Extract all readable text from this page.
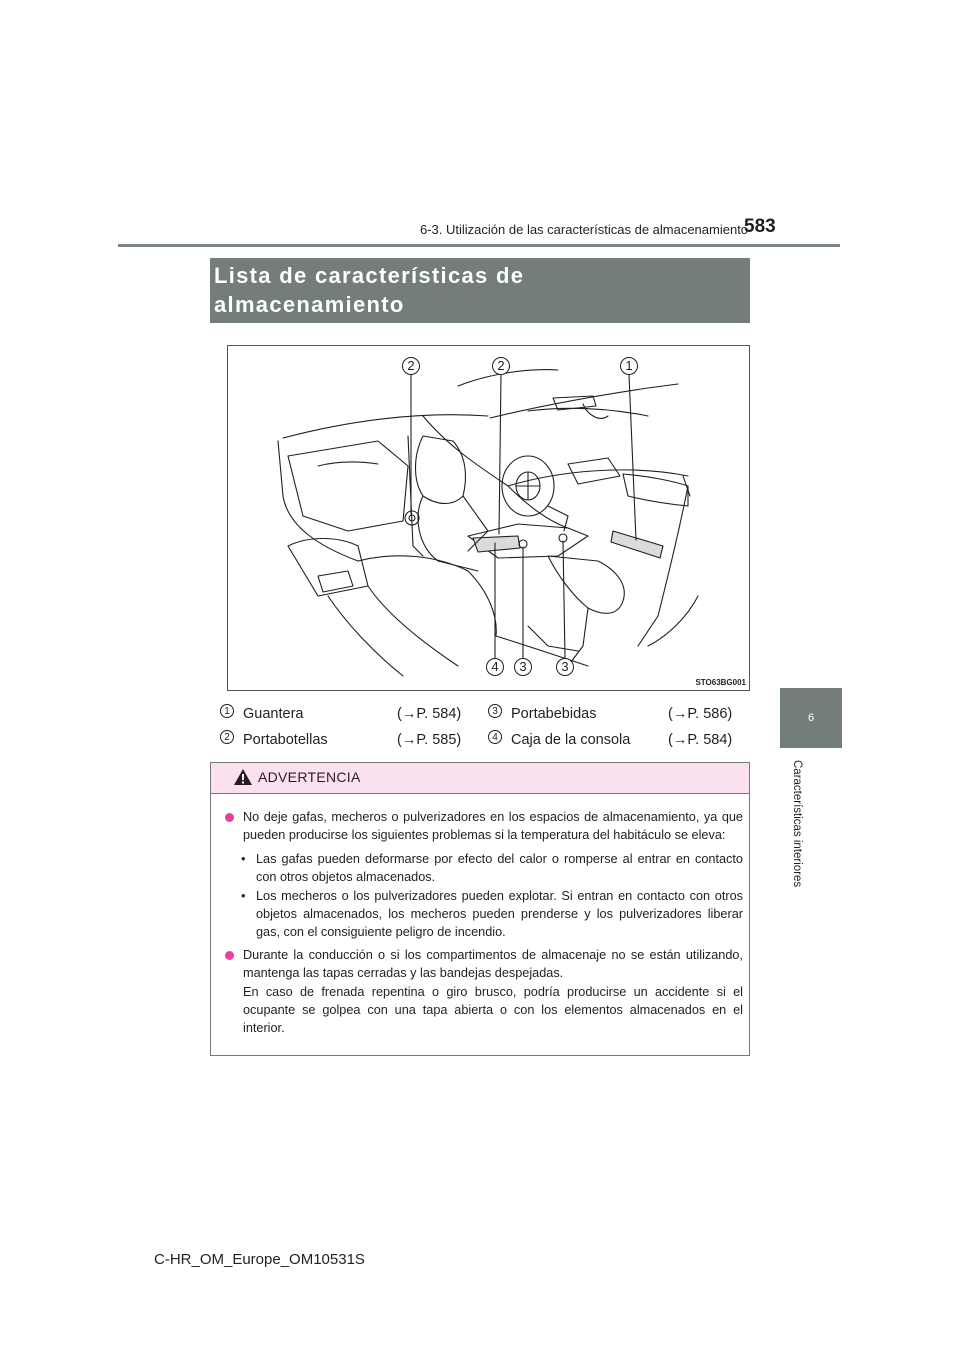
6-3. Utilización de las características de almacenamiento
583
6
Características interiores
Lista de características de
almacenamiento
2	2	1
4	3	3
STO63BG001
1 Guantera	(→P. 584)
2 Portabotellas	(→P. 585)
3 Portabebidas	(→P. 586)
4 Caja de la consola	(→P. 584)
ADVERTENCIA
No deje gafas, mecheros o pulverizadores en los espacios de almacenamiento, ya que pueden producirse los siguientes problemas si la temperatura del habitáculo se eleva:
• Las gafas pueden deformarse por efecto del calor o romperse al entrar en contacto con otros objetos almacenados.
• Los mecheros o los pulverizadores pueden explotar. Si entran en contacto con otros objetos almacenados, los mecheros pueden prenderse y los pulverizadores liberar gas, con el consiguiente peligro de incendio.
Durante la conducción o si los compartimentos de almacenaje no se están utilizando, mantenga las tapas cerradas y las bandejas despejadas.
En caso de frenada repentina o giro brusco, podría producirse un accidente si el ocupante se golpea con una tapa abierta o con los elementos almacenados en el interior.
C-HR_OM_Europe_OM10531S
